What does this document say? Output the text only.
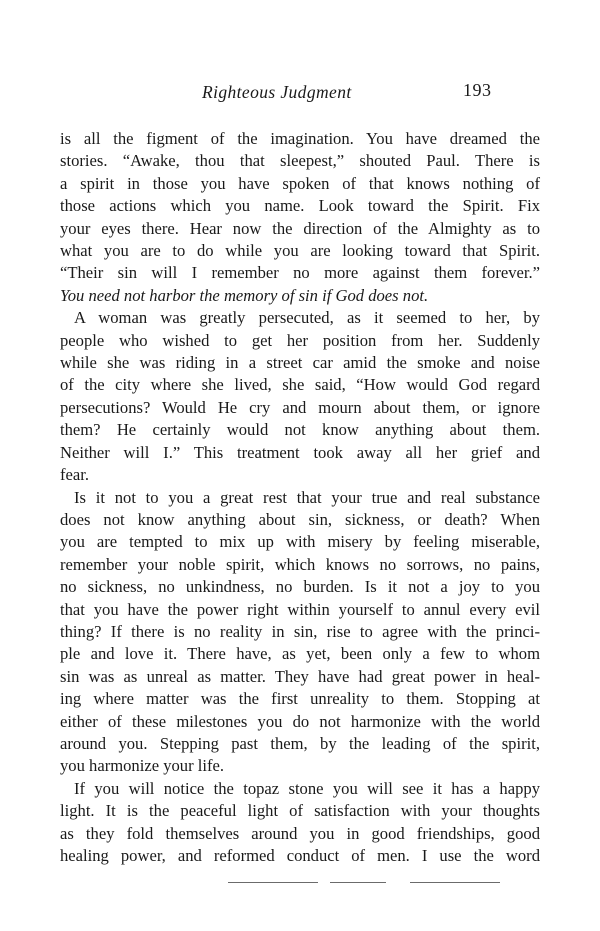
Righteous Judgment	193

is all the figment of the imagination. You have dreamed the
stories. “Awake, thou that sleepest,” shouted Paul. There is
a spirit in those you have spoken of that knows nothing of
those actions which you name. Look toward the Spirit. Fix
your eyes there. Hear now the direction of the Almighty as to
what you are to do while you are looking toward that Spirit.
“Their sin will I remember no more against them forever.”
You need not harbor the memory of sin if God does not.

A woman was greatly persecuted, as it seemed to her, by
people who wished to get her position from her. Suddenly
while she was riding in a street car amid the smoke and noise
of the city where she lived, she said, “How would God regard
persecutions? Would He cry and mourn about them, or ignore
them? He certainly would not know anything about them.
Neither will I.” This treatment took away all her grief and
fear.

Is it not to you a great rest that your true and real substance
does not know anything about sin, sickness, or death? When
you are tempted to mix up with misery by feeling miserable,
remember your noble spirit, which knows no sorrows, no pains,
no sickness, no unkindness, no burden. Is it not a joy to you
that you have the power right within yourself to annul every evil
thing? If there is no reality in sin, rise to agree with the princi-
ple and love it. There have, as yet, been only a few to whom
sin was as unreal as matter. They have had great power in heal-
ing where matter was the first unreality to them. Stopping at
either of these milestones you do not harmonize with the world
around you. Stepping past them, by the leading of the spirit,
you harmonize your life.

If you will notice the topaz stone you will see it has a happy
light. It is the peaceful light of satisfaction with your thoughts
as they fold themselves around you in good friendships, good
healing power, and reformed conduct of men. I use the word
